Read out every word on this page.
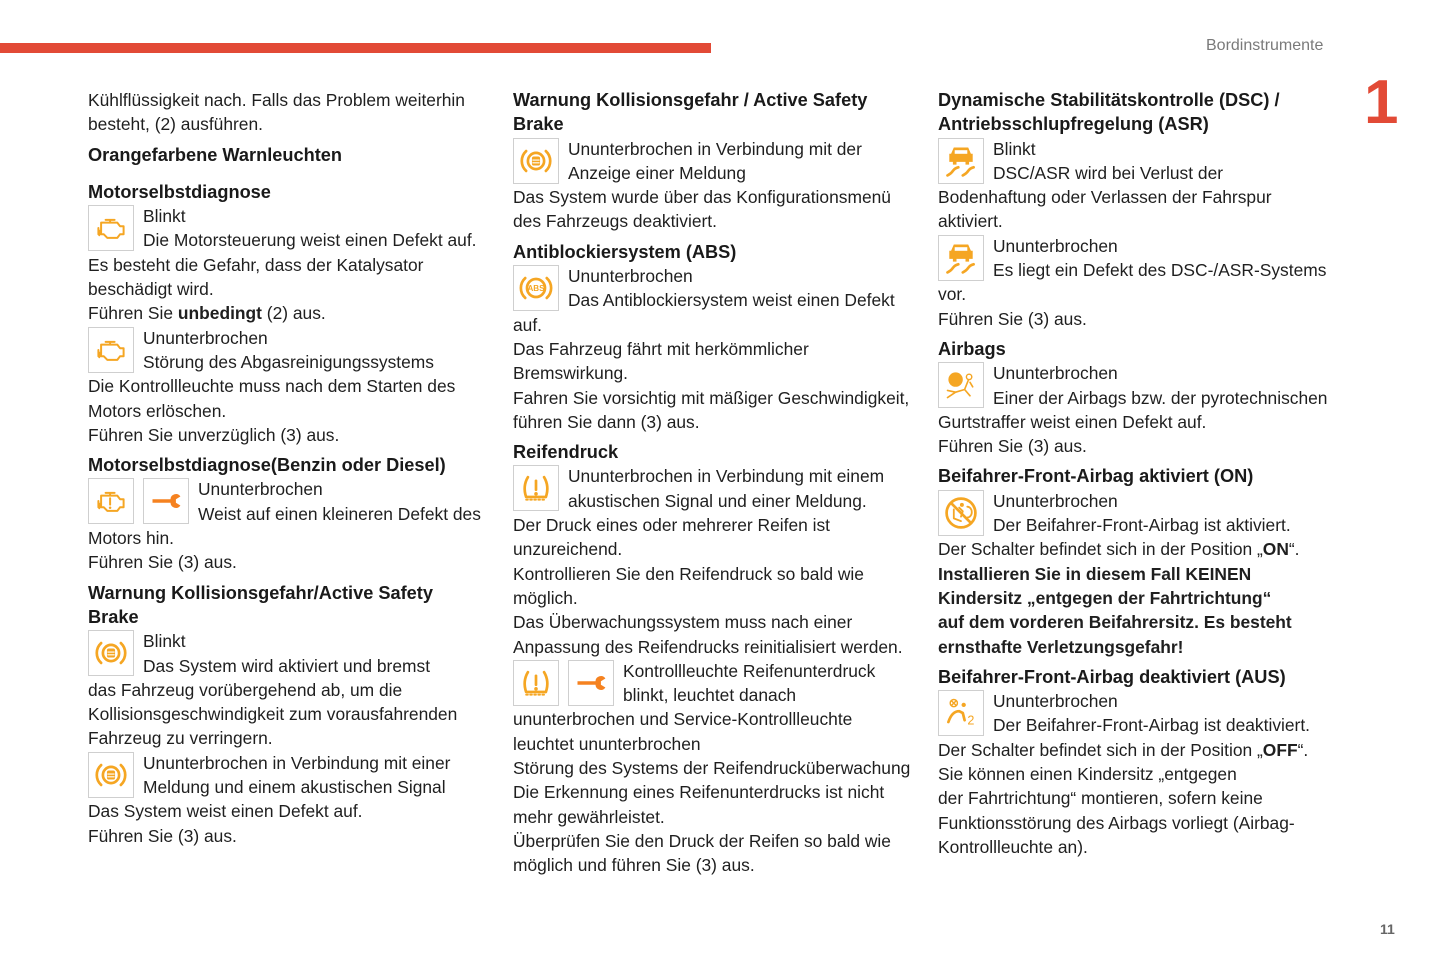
Bordinstrumente
1
11

Kühlflüssigkeit nach. Falls das Problem weiterhin
besteht, (2) ausführen.

Orangefarbene Warnleuchten

Motorselbstdiagnose

Blinkt
Die Motorsteuerung weist einen Defekt auf.
Es besteht die Gefahr, dass der Katalysator
beschädigt wird.
Führen Sie unbedingt (2) aus.
Ununterbrochen
Störung des Abgasreinigungssystems
Die Kontrollleuchte muss nach dem Starten des
Motors erlöschen.
Führen Sie unverzüglich (3) aus.

Motorselbstdiagnose(Benzin oder Diesel)

Ununterbrochen
Weist auf einen kleineren Defekt des
Motors hin.
Führen Sie (3) aus.

Warnung Kollisionsgefahr/Active Safety
Brake

Blinkt
Das System wird aktiviert und bremst
das Fahrzeug vorübergehend ab, um die
Kollisionsgeschwindigkeit zum vorausfahrenden
Fahrzeug zu verringern.
Ununterbrochen in Verbindung mit einer
Meldung und einem akustischen Signal
Das System weist einen Defekt auf.
Führen Sie (3) aus.

Warnung Kollisionsgefahr / Active Safety
Brake

Ununterbrochen in Verbindung mit der
Anzeige einer Meldung
Das System wurde über das Konfigurationsmenü
des Fahrzeugs deaktiviert.

Antiblockiersystem (ABS)

Ununterbrochen
Das Antiblockiersystem weist einen Defekt
auf.
Das Fahrzeug fährt mit herkömmlicher
Bremswirkung.
Fahren Sie vorsichtig mit mäßiger Geschwindigkeit,
führen Sie dann (3) aus.

Reifendruck

Ununterbrochen in Verbindung mit einem
akustischen Signal und einer Meldung.
Der Druck eines oder mehrerer Reifen ist
unzureichend.
Kontrollieren Sie den Reifendruck so bald wie
möglich.
Das Überwachungssystem muss nach einer
Anpassung des Reifendrucks reinitialisiert werden.
Kontrollleuchte Reifenunterdruck
blinkt, leuchtet danach
ununterbrochen und Service-Kontrollleuchte
leuchtet ununterbrochen
Störung des Systems der Reifendrucküberwachung
Die Erkennung eines Reifenunterdrucks ist nicht
mehr gewährleistet.
Überprüfen Sie den Druck der Reifen so bald wie
möglich und führen Sie (3) aus.

Dynamische Stabilitätskontrolle (DSC) /
Antriebsschlupfregelung (ASR)

Blinkt
DSC/ASR wird bei Verlust der
Bodenhaftung oder Verlassen der Fahrspur
aktiviert.
Ununterbrochen
Es liegt ein Defekt des DSC-/ASR-Systems
vor.
Führen Sie (3) aus.

Airbags

Ununterbrochen
Einer der Airbags bzw. der pyrotechnischen
Gurtstraffer weist einen Defekt auf.
Führen Sie (3) aus.

Beifahrer-Front-Airbag aktiviert (ON)

Ununterbrochen
Der Beifahrer-Front-Airbag ist aktiviert.
Der Schalter befindet sich in der Position „ON“.
Installieren Sie in diesem Fall KEINEN
Kindersitz „entgegen der Fahrtrichtung“
auf dem vorderen Beifahrersitz. Es besteht
ernsthafte Verletzungsgefahr!

Beifahrer-Front-Airbag deaktiviert (AUS)

Ununterbrochen
Der Beifahrer-Front-Airbag ist deaktiviert.
Der Schalter befindet sich in der Position „OFF“.
Sie können einen Kindersitz „entgegen
der Fahrtrichtung“ montieren, sofern keine
Funktionsstörung des Airbags vorliegt (Airbag-
Kontrollleuchte an).
